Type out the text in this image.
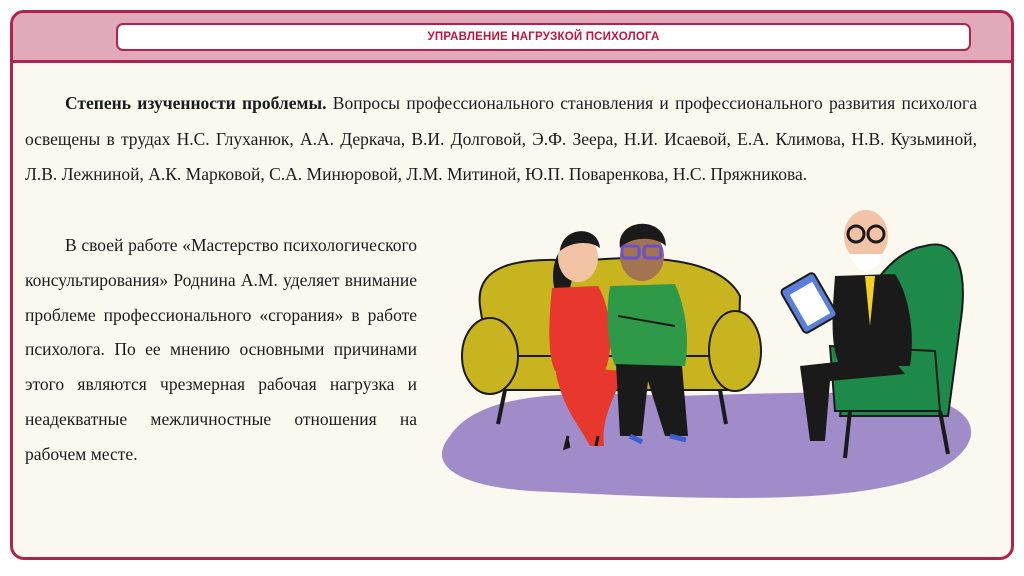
УПРАВЛЕНИЕ НАГРУЗКОЙ ПСИХОЛОГА

Степень изученности проблемы. Вопросы профессионального становления и профессионального развития психолога освещены в трудах Н.С. Глуханюк, А.А. Деркача, В.И. Долговой, Э.Ф. Зеера, Н.И. Исаевой, Е.А. Климова, Н.В. Кузьминой, Л.В. Лежниной, А.К. Марковой, С.А. Минюровой, Л.М. Митиной, Ю.П. Поваренкова, Н.С. Пряжникова.

В своей работе «Мастерство психологического консультирования» Роднина А.М. уделяет внимание проблеме профессионального «сгорания» в работе психолога. По ее мнению основными причинами этого являются чрезмерная рабочая нагрузка и неадекватные межличностные отношения на рабочем месте.
